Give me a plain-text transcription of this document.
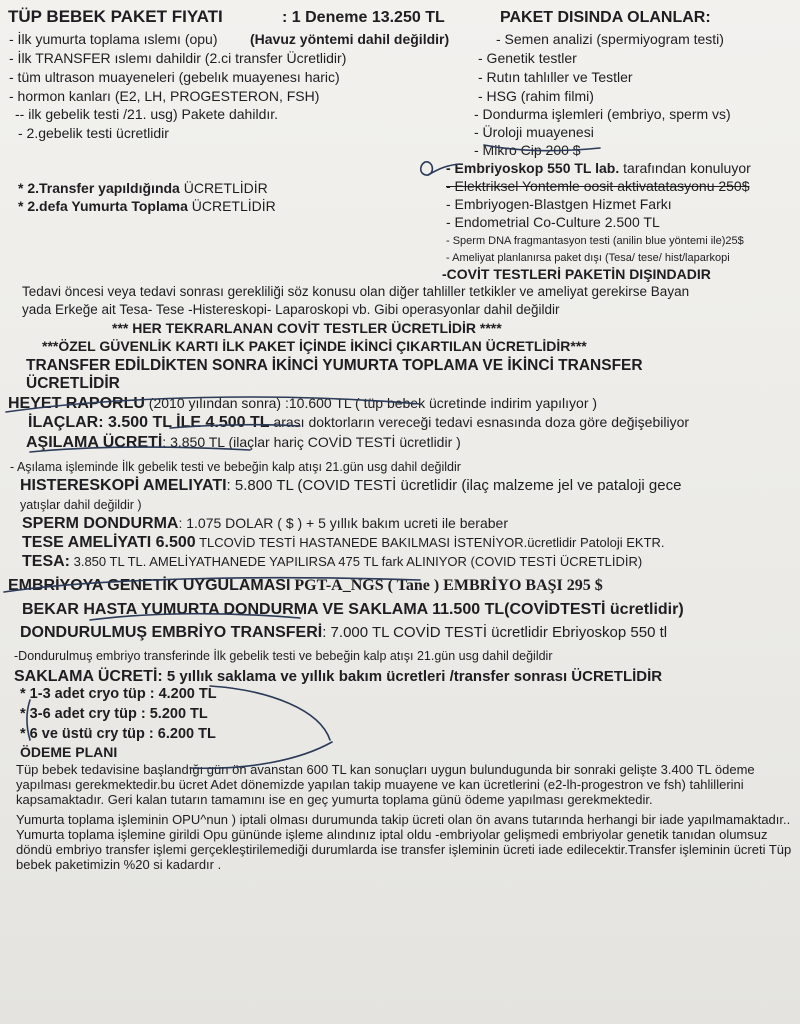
TÜP BEBEK PAKET FIYATI	: 1 Deneme 13.250 TL	PAKET DISINDA OLANLAR:
- İlk yumurta toplama ıslemı (opu) (Havuz yöntemi dahil değildir)
- İlk TRANSFER ıslemı dahildir (2.ci transfer Ücretlidir)
- tüm ultrason muayeneleri (gebelık muayenesı haric)
- hormon kanları (E2, LH, PROGESTERON, FSH)
-- ilk gebelik testi /21. usg) Pakete dahildır.
- 2.gebelik testi ücretlidir
* 2.Transfer yapıldığında ÜCRETLİDİR
* 2.defa Yumurta Toplama ÜCRETLİDİR
- Semen analizi (spermiyogram testi)
- Genetik testler
- Rutın tahlıller ve Testler
- HSG (rahim filmi)
- Dondurma işlemleri (embriyo, sperm vs)
- Üroloji muayenesi
- Mikro Cip 200 $
- Embriyoskop 550 TL lab. tarafından konuluyor
- Elektriksel Yontemle oosit aktivatatasyonu 250$
- Embriyogen-Blastgen Hizmet Farkı
- Endometrial Co-Culture 2.500 TL
- Sperm DNA fragmantasyon testi (anilin blue yöntemi ile)25$
- Ameliyat planlanırsa paket dışı (Tesa/ tese/ hist/laparkopi
-COVİT TESTLERİ PAKETİN DIŞINDADIR
Tedavi öncesi veya tedavi sonrası gerekliliği söz konusu olan diğer tahliller tetkikler ve ameliyat gerekirse Bayan
yada Erkeğe ait Tesa- Tese -Histereskopi- Laparoskopi vb. Gibi operasyonlar dahil değildir
*** HER TEKRARLANAN COVİT TESTLER ÜCRETLİDİR ****
***ÖZEL GÜVENLİK KARTI İLK PAKET İÇİNDE İKİNCİ ÇIKARTILAN ÜCRETLİDİR***
TRANSFER EDİLDİKTEN SONRA İKİNCİ YUMURTA TOPLAMA VE İKİNCİ TRANSFER
ÜCRETLİDİR
HEYET RAPORLU (2010 yılından sonra) :10.600 TL ( tüp bebek ücretinde indirim yapılıyor )
İLAÇLAR: 3.500 TL İLE 4.500 TL arası doktorların vereceği tedavi esnasında doza göre değişebiliyor
AŞILAMA ÜCRETİ: 3.850 TL (ilaçlar hariç COVİD TESTİ ücretlidir )
- Aşılama işleminde İlk gebelik testi ve bebeğin kalp atışı 21.gün usg dahil değildir
HISTERESKOPİ AMELIYATI: 5.800 TL (COVID TESTİ ücretlidir (ilaç malzeme jel ve pataloji gece
yatışlar dahil değildir )
SPERM DONDURMA: 1.075 DOLAR ( $ ) + 5 yıllık bakım ucreti ile beraber
TESE AMELİYATI 6.500 TLCOVİD TESTİ HASTANEDE BAKILMASI İSTENİYOR.ücretlidir Patoloji EKTR.
TESA: 3.850 TL TL. AMELİYATHANEDE YAPILIRSA 475 TL fark ALINIYOR (COVID TESTİ ÜCRETLİDİR)
EMBRİYOYA GENETİK UYGULAMASI PGT-A_NGS ( Tane ) EMBRİYO BAŞI 295 $
BEKAR HASTA YUMURTA DONDURMA VE SAKLAMA 11.500 TL(COVİDTESTİ ücretlidir)
DONDURULMUŞ EMBRİYO TRANSFERİ: 7.000 TL COVİD TESTİ ücretlidir Ebriyoskop 550 tl
-Dondurulmuş embriyo transferinde İlk gebelik testi ve bebeğin kalp atışı 21.gün usg dahil değildir
SAKLAMA ÜCRETİ: 5 yıllık saklama ve yıllık bakım ücretleri /transfer sonrası ÜCRETLİDİR
* 1-3 adet cryo tüp : 4.200 TL
* 3-6 adet cry tüp : 5.200 TL
* 6 ve üstü cry tüp : 6.200 TL
ÖDEME PLANI

Tüp bebek tedavisine başlandığı gün ön avanstan 600 TL kan sonuçları uygun bulundugunda bir sonraki gelişte 3.400 TL ödeme yapılması gerekmektedir.bu ücret Adet dönemizde yapılan takip muayene ve kan ücretlerini (e2-lh-progestron ve fsh) tahlillerini kapsamaktadır. Geri kalan tutarın tamamını ise en geç yumurta toplama günü ödeme yapılması gerekmektedir.

Yumurta toplama işleminin OPU^nun ) iptali olması durumunda takip ücreti olan ön avans tutarında herhangi bir iade yapılmamaktadır.. Yumurta toplama işlemine girildi Opu gününde işleme alındınız iptal oldu -embriyolar gelişmedi embriyolar genetik tanıdan olumsuz döndü embriyo transfer işlemi gerçekleştirilemediği durumlarda ise transfer işleminin ücreti iade edilecektir.Transfer işleminin ücreti Tüp bebek paketimizin %20 si kadardır .
